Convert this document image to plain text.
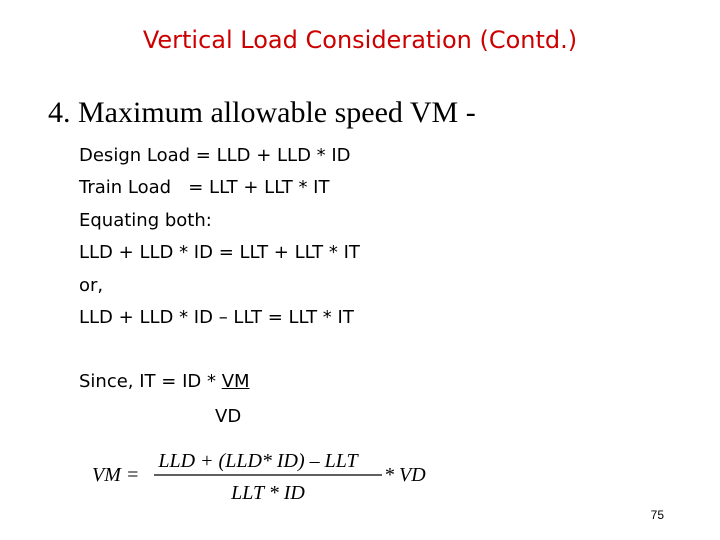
Vertical Load Consideration (Contd.)
4. Maximum allowable speed VM -
Design Load = LLD + LLD * ID
Train Load   = LLT + LLT * IT
Equating both:
LLD + LLD * ID = LLT + LLT * IT
or,
LLD + LLD * ID – LLT = LLT * IT
Since, IT = ID * VM
VD
VM =
LLD + (LLD* ID) – LLT
LLT * ID
* VD
75
